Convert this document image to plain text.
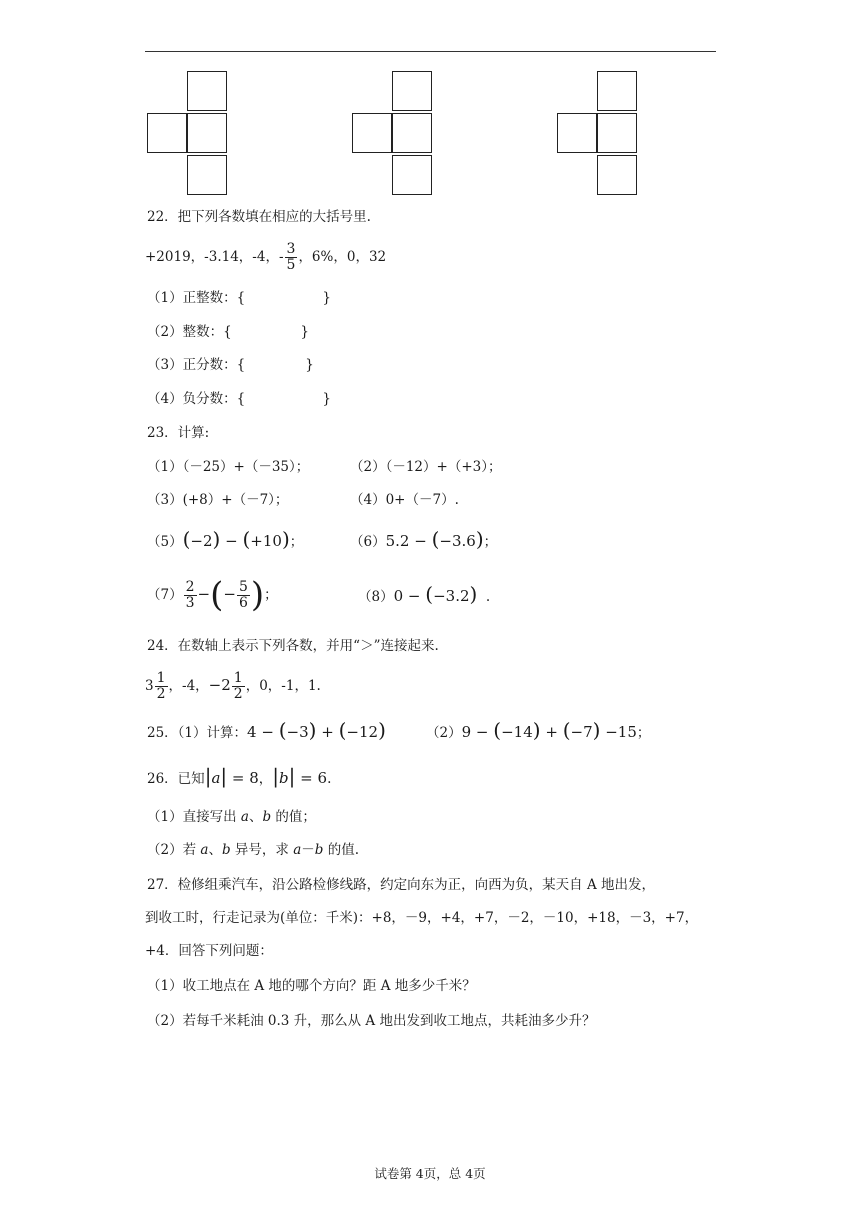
22．把下列各数填在相应的大括号里.
+2019，-3.14，-4，- $\frac{3}{5}$ ，6%，0，32
（1）正整数：{                  }
（2）整数：{                }
（3）正分数：{              }
（4）负分数：{                  }
23．计算:
（1）（－25）+（－35）；	（2）（－12）+（+3）；
（3）(+8）+（－7）；	（4）0+（－7）.
（5）(−2) − (+10)；	（6）5.2 − (−3.6)；
$(7) \frac{2}{3}$ −(− $\frac{5}{6}$ )；	（8）0 − (−3.2) .
24．在数轴上表示下列各数，并用“＞”连接起来.
$3 \frac{1}{2}$ ，-4，$-2 \frac{1}{2}$ ，0，-1，1.
25．（1）计算：4 − (−3) + (−12)	（2）9 − (−14) + (−7) −15；
26．已知|a| = 8，|b| = 6.
（1）直接写出 a、b 的值；
（2）若 a、b 异号，求 a－b 的值.
27．检修组乘汽车，沿公路检修线路，约定向东为正，向西为负，某天自 A 地出发，
到收工时，行走记录为(单位：千米)：+8，－9，+4，+7，－2，－10，+18，－3，+7，
+4．回答下列问题：
（1）收工地点在 A 地的哪个方向？距 A 地多少千米？
（2）若每千米耗油 0.3 升，那么从 A 地出发到收工地点，共耗油多少升？
试卷第 4页，总 4页
